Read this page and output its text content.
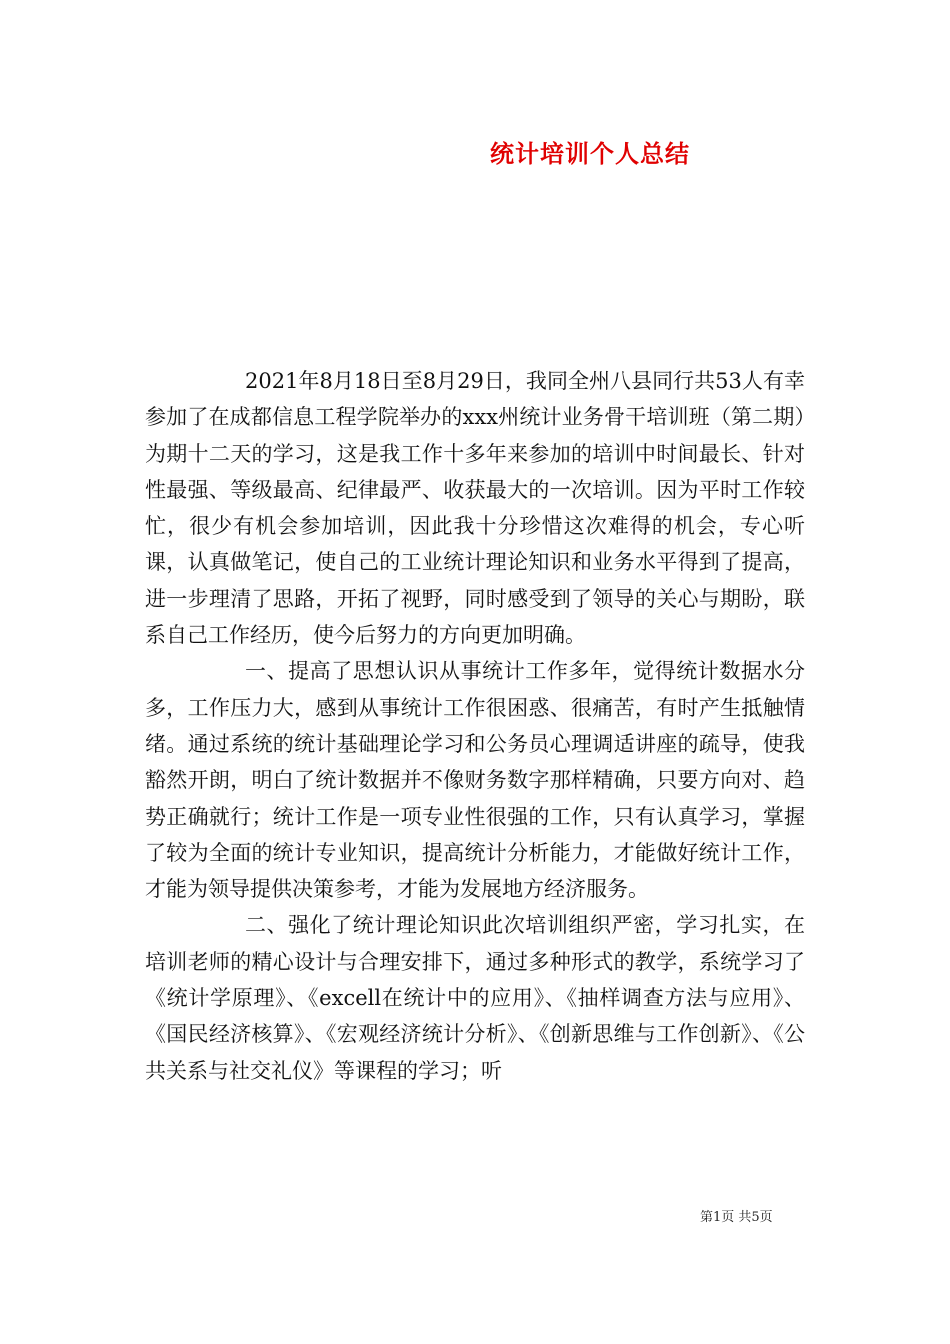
统计培训个人总结

2021年8月18日至8月29日，我同全州八县同行共53人有幸参加了在成都信息工程学院举办的xxx州统计业务骨干培训班（第二期）为期十二天的学习，这是我工作十多年来参加的培训中时间最长、针对性最强、等级最高、纪律最严、收获最大的一次培训。因为平时工作较忙，很少有机会参加培训，因此我十分珍惜这次难得的机会，专心听课，认真做笔记，使自己的工业统计理论知识和业务水平得到了提高，进一步理清了思路，开拓了视野，同时感受到了领导的关心与期盼，联系自己工作经历，使今后努力的方向更加明确。

一、提高了思想认识从事统计工作多年，觉得统计数据水分多，工作压力大，感到从事统计工作很困惑、很痛苦，有时产生抵触情绪。通过系统的统计基础理论学习和公务员心理调适讲座的疏导，使我豁然开朗，明白了统计数据并不像财务数字那样精确，只要方向对、趋势正确就行；统计工作是一项专业性很强的工作，只有认真学习，掌握了较为全面的统计专业知识，提高统计分析能力，才能做好统计工作，才能为领导提供决策参考，才能为发展地方经济服务。

二、强化了统计理论知识此次培训组织严密，学习扎实，在培训老师的精心设计与合理安排下，通过多种形式的教学，系统学习了《统计学原理》、《excell在统计中的应用》、《抽样调查方法与应用》、《国民经济核算》、《宏观经济统计分析》、《创新思维与工作创新》、《公共关系与社交礼仪》等课程的学习；听

第1页 共5页
